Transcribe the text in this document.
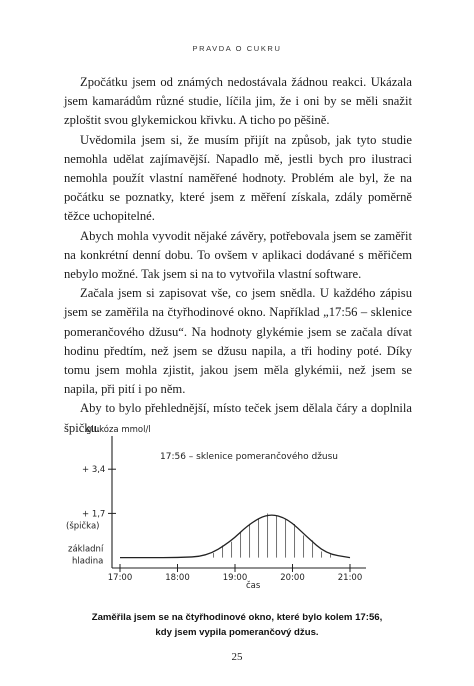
PRAVDA O CUKRU

Zpočátku jsem od známých nedostávala žádnou reakci. Ukázala jsem kamarádům různé studie, líčila jim, že i oni by se měli snažit zploštit svou glykemickou křivku. A ticho po pěšině.

Uvědomila jsem si, že musím přijít na způsob, jak tyto studie nemohla udělat zajímavější. Napadlo mě, jestli bych pro ilustraci nemohla použít vlastní naměřené hodnoty. Problém ale byl, že na počátku se poznatky, které jsem z měření získala, zdály poměrně těžce uchopitelné.

Abych mohla vyvodit nějaké závěry, potřebovala jsem se zaměřit na konkrétní denní dobu. To ovšem v aplikaci dodávané s měřičem nebylo možné. Tak jsem si na to vytvořila vlastní software.

Začala jsem si zapisovat vše, co jsem snědla. U každého zápisu jsem se zaměřila na čtyřhodinové okno. Například „17:56 – sklenice pomerančového džusu“. Na hodnoty glykémie jsem se začala dívat hodinu předtím, než jsem se džusu napila, a tři hodiny poté. Díky tomu jsem mohla zjistit, jakou jsem měla glykémii, než jsem se napila, při pití i po něm.

Aby to bylo přehlednější, místo teček jsem dělala čáry a doplnila špičku.

glukóza mmol/l
17:56 – sklenice pomerančového džusu
čas
+ 3,4
+ 1,7
(špička)
základní
hladina
17:00	18:00	19:00	20:00	21:00
Zaměřila jsem se na čtyřhodinové okno, které bylo kolem 17:56,
kdy jsem vypila pomerančový džus.
25
